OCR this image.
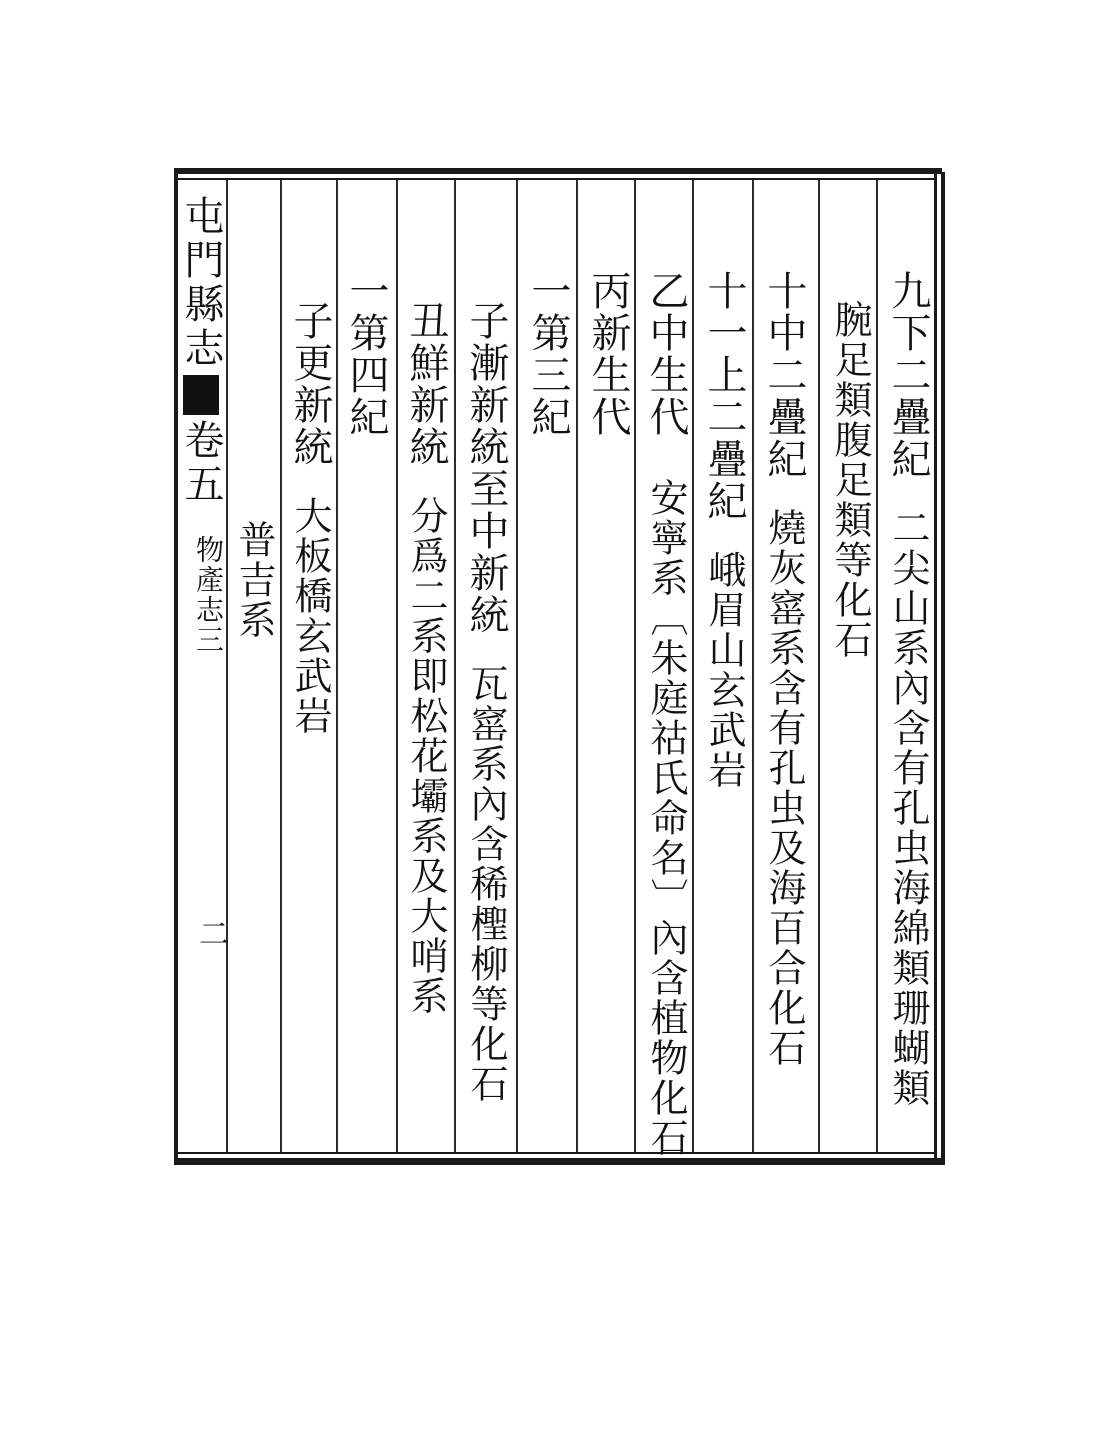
屯門縣志卷五
物產志三
二
九下二疊紀二尖山系內含有孔虫海綿類珊蝴類
腕足類腹足類等化石
十中二疊紀燒灰窰系含有孔虫及海百合化石
十一上二疊紀峨眉山玄武岩
乙中生代安寧系〔朱庭祜氏命名〕內含植物化石
丙新生代
一第三紀
子漸新統至中新統瓦窰系內含稀檉柳等化石
丑鮮新統分爲二系即松花壩系及大哨系
一第四紀
子更新統大板橋玄武岩
普吉系
